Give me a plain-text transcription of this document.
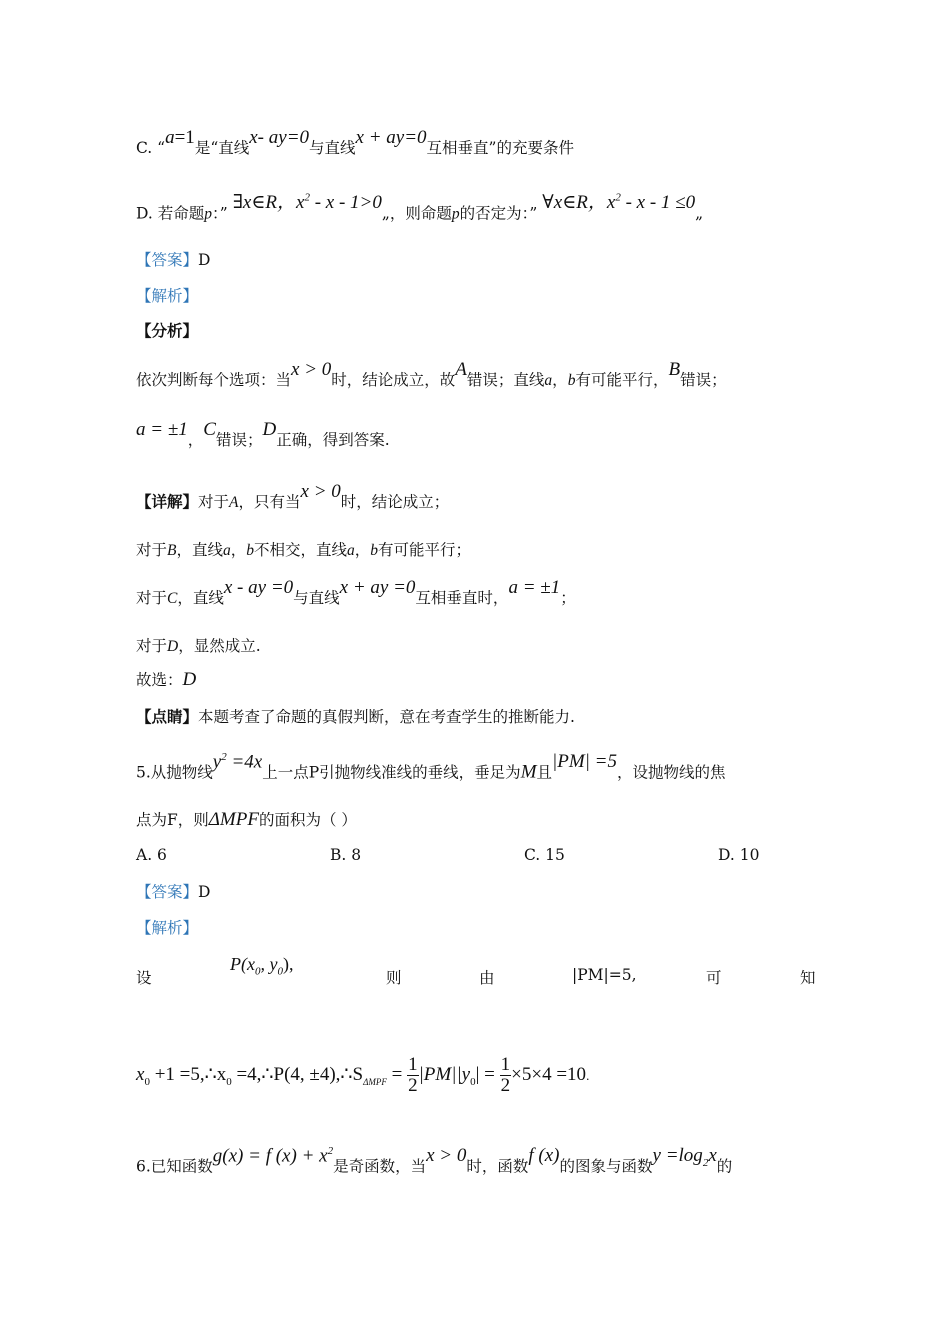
C. “a=1是“直线x- ay=0与直线x + ay=0互相垂直”的充要条件
D. 若命题p：” ∃x∈R，$x^2$ - x - 1>0„，则命题p的否定为：” ∀x∈R，$x^2$ - x - 1 ≤0„
【答案】D
【解析】
【分析】
依次判断每个选项：当x > 0时，结论成立，故A错误；直线a，b有可能平行，B错误；
a = ±1，C错误；D正确，得到答案.
【详解】对于A，只有当x > 0时，结论成立；
对于B，直线a，b不相交，直线a，b有可能平行；
对于C，直线x - ay =0与直线x + ay =0互相垂直时，a = ±1；
对于D，显然成立.
故选：D
【点睛】本题考查了命题的真假判断，意在考查学生的推断能力.
5.从抛物线$y^2 =4x$上一点P引抛物线准线的垂线，垂足为M且|PM| =5，设抛物线的焦
点为F，则ΔMPF的面积为（ ）
A. 6	B. 8	C. 15	D. 10
【答案】D
【解析】
设
$P(x_0$, $y_0$),
则	由	|PM|=5,	可	知
$x_0 +1$ $=5,\therefore x_0$ =4,∴P(4, $\pm 4),\therefore S_{\Delta MPF} = \frac{1}{2} |PM||y_0| = \frac{1}{2} \times 5\times 4 =10$.
6.已知函数g(x) = f $(x) + x^2$是奇函数，当x > 0时，函数f (x)的图象与函数$y =\log_2x$的
